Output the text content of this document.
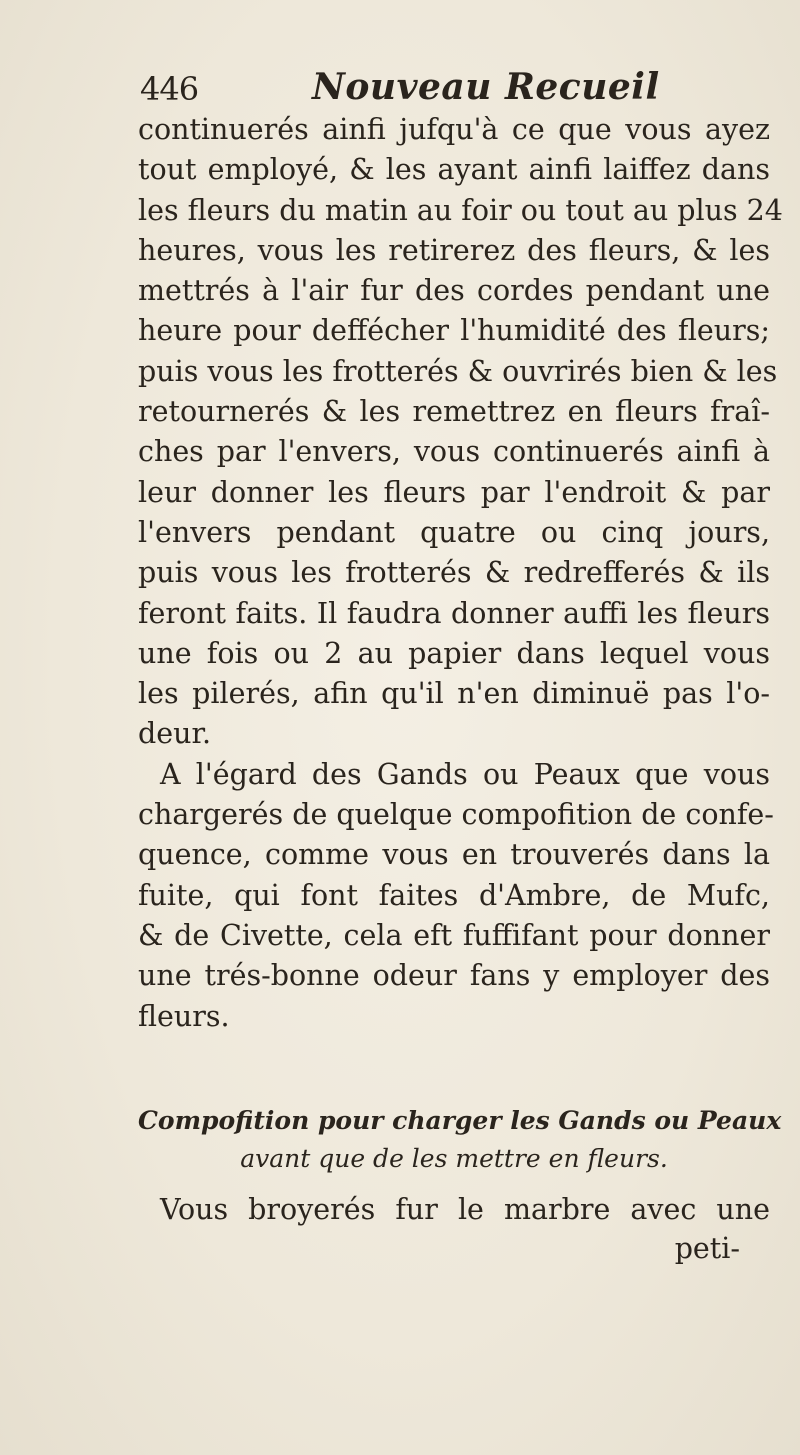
446	Nouveau Recueil
continuerés ainfi jufqu'à ce que vous ayez
tout employé, & les ayant ainfi laiffez dans
les fleurs du matin au foir ou tout au plus 24
heures, vous les retirerez des fleurs, & les
mettrés à l'air fur des cordes pendant une
heure pour deffécher l'humidité des fleurs;
puis vous les frotterés & ouvrirés bien & les
retournerés & les remettrez en fleurs fraî-
ches par l'envers, vous continuerés ainfi à
leur donner les fleurs par l'endroit & par
l'envers pendant quatre ou cinq jours,
puis vous les frotterés & redrefferés & ils
feront faits. Il faudra donner auffi les fleurs
une fois ou 2 au papier dans lequel vous
les pilerés, afin qu'il n'en diminuë pas l'o-
deur.
A l'égard des Gands ou Peaux que vous
chargerés de quelque compofition de confe-
quence, comme vous en trouverés dans la
fuite, qui font faites d'Ambre, de Mufc,
& de Civette, cela eft fuffifant pour donner
une trés-bonne odeur fans y employer des
fleurs.
Compofition pour charger les Gands ou Peaux
avant que de les mettre en fleurs.
Vous broyerés fur le marbre avec une
peti-
